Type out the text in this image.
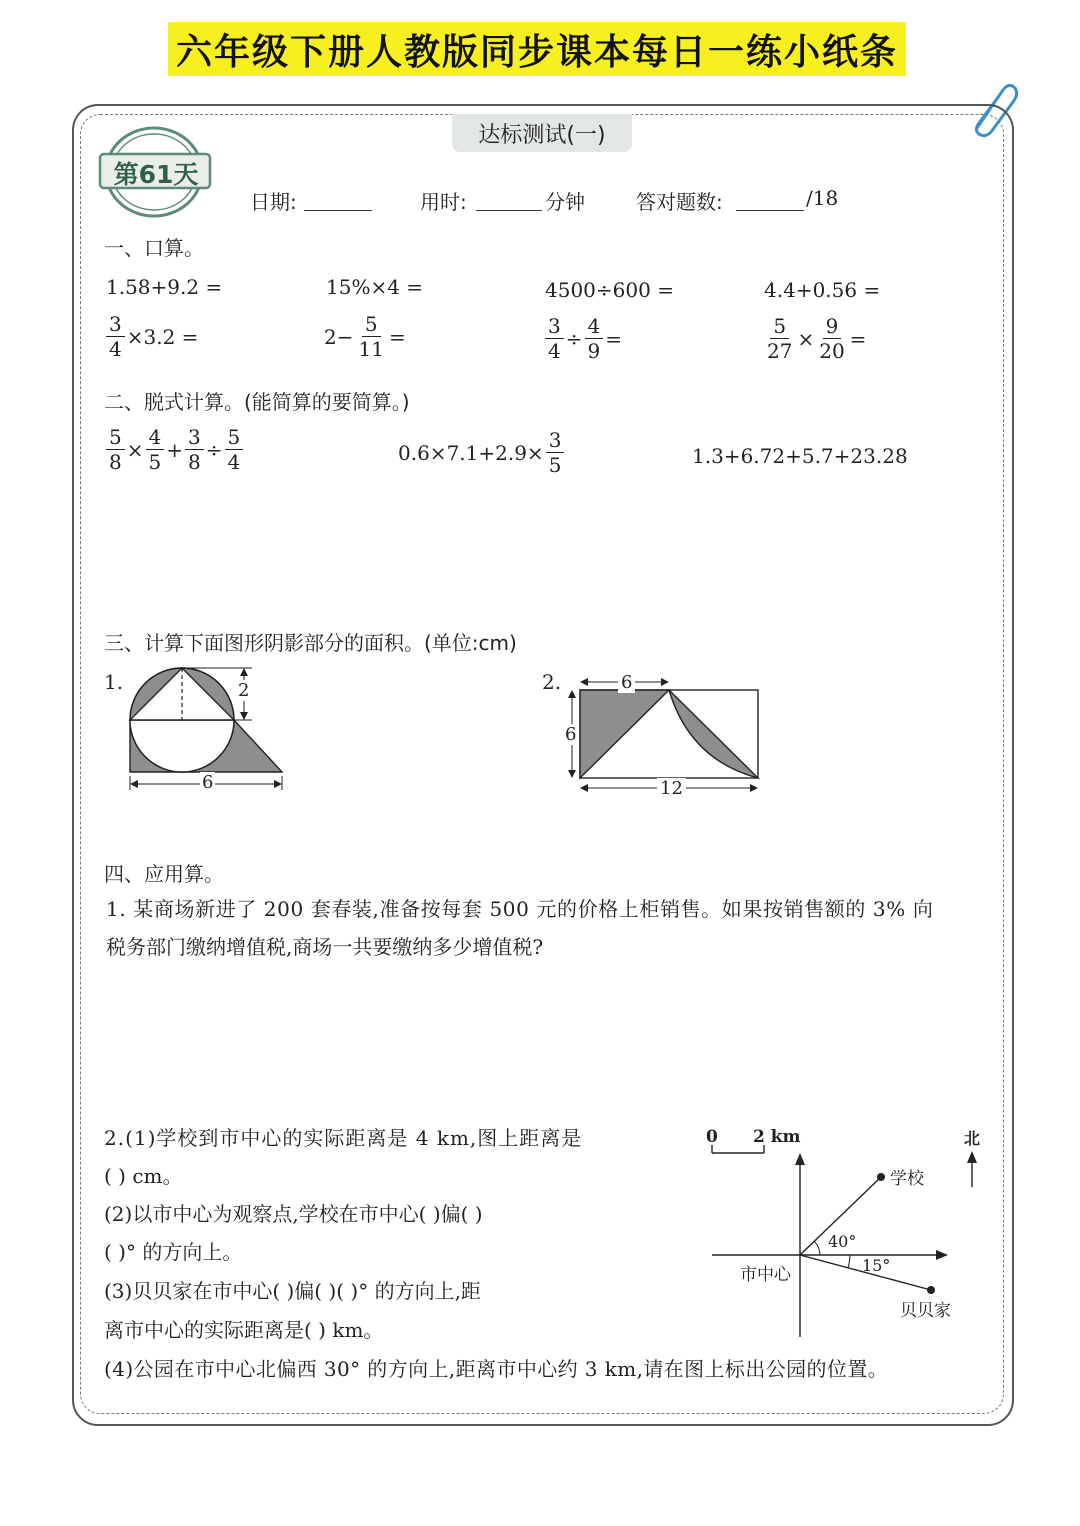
六年级下册人教版同步课本每日一练小纸条
达标测试(一)
第61天
日期:	用时:	分钟	答对题数:	/18
一、口算。
1.58+9.2 =	15%×4 =	4500÷600 =	4.4+0.56 =
$\frac{3}{4} \times 3.2$ =	$2- \frac{5}{11}$ =	$\frac{3}{4} \div \frac{4}{9}$ =	$\frac{5}{27} \times \frac{9}{20}$ =
二、脱式计算。(能简算的要简算。)
$\frac{5}{8} \times \frac{4}{5} + \frac{3}{8} \div \frac{5}{4}$	$0.6\times 7.1+2.9\times \frac{3}{5}$	1.3+6.72+5.7+23.28
三、计算下面图形阴影部分的面积。(单位:cm)
1.	2
6
2.	6
6
12
四、应用算。
1. 某商场新进了 200 套春装,准备按每套 500 元的价格上柜销售。如果按销售额的 3% 向
税务部门缴纳增值税,商场一共要缴纳多少增值税?
2.(1)学校到市中心的实际距离是 4 km,图上距离是
( ) cm。
(2)以市中心为观察点,学校在市中心( )偏( )
( )° 的方向上。
(3)贝贝家在市中心( )偏( )( )° 的方向上,距
离市中心的实际距离是( ) km。
(4)公园在市中心北偏西 30° 的方向上,距离市中心约 3 km,请在图上标出公园的位置。
0 2 km	北
学校
市中心
贝贝家
40°
15°
